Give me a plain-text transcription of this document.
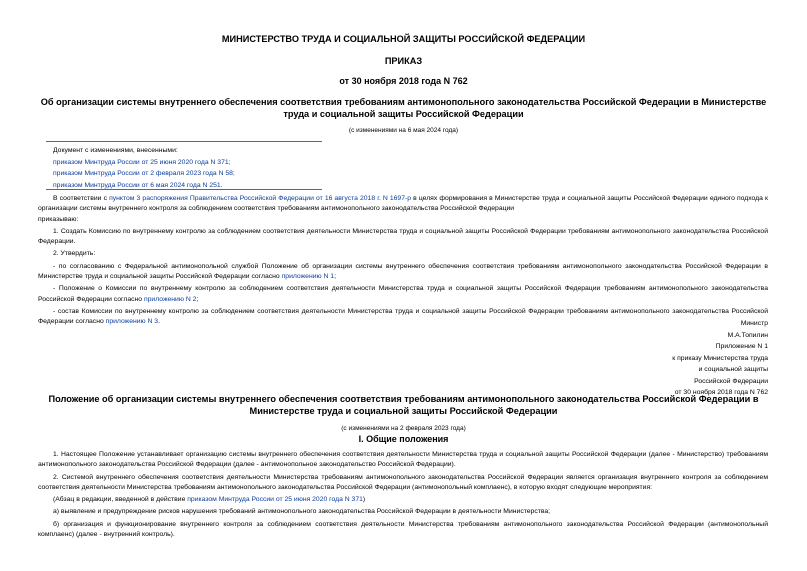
МИНИСТЕРСТВО ТРУДА И СОЦИАЛЬНОЙ ЗАЩИТЫ РОССИЙСКОЙ ФЕДЕРАЦИИ
ПРИКАЗ
от 30 ноября 2018 года N 762
Об организации системы внутреннего обеспечения соответствия требованиям антимонопольного законодательства Российской Федерации в Министерстве труда и социальной защиты Российской Федерации
(с изменениями на 6 мая 2024 года)
Документ с изменениями, внесенными:
приказом Минтруда России от 25 июня 2020 года N 371;
приказом Минтруда России от 2 февраля 2023 года N 58;
приказом Минтруда России от 6 мая 2024 года N 251.

В соответствии с пунктом 3 распоряжения Правительства Российской Федерации от 16 августа 2018 г. N 1697-р в целях формирования в Министерстве труда и социальной защиты Российской Федерации единого подхода к организации системы внутреннего контроля за соблюдением соответствия требованиям антимонопольного законодательства Российской Федерации

приказываю:

1. Создать Комиссию по внутреннему контролю за соблюдением соответствия деятельности Министерства труда и социальной защиты Российской Федерации требованиям антимонопольного законодательства Российской Федерации.

2. Утвердить:

- по согласованию с Федеральной антимонопольной службой Положение об организации системы внутреннего обеспечения соответствия требованиям антимонопольного законодательства Российской Федерации в Министерстве труда и социальной защиты Российской Федерации согласно приложению N 1;

- Положение о Комиссии по внутреннему контролю за соблюдением соответствия деятельности Министерства труда и социальной защиты Российской Федерации требованиям антимонопольного законодательства Российской Федерации согласно приложению N 2;

- состав Комиссии по внутреннему контролю за соблюдением соответствия деятельности Министерства труда и социальной защиты Российской Федерации требованиям антимонопольного законодательства Российской Федерации согласно приложению N 3.	Министр
М.А.Топилин
Приложение N 1
к приказу Министерства труда
и социальной защиты
Российской Федерации
от 30 ноября 2018 года N 762
Положение об организации системы внутреннего обеспечения соответствия требованиям антимонопольного законодательства Российской Федерации в Министерстве труда и социальной защиты Российской Федерации
(с изменениями на 2 февраля 2023 года)
I. Общие положения

1. Настоящее Положение устанавливает организацию системы внутреннего обеспечения соответствия деятельности Министерства труда и социальной защиты Российской Федерации (далее - Министерство) требованиям антимонопольного законодательства Российской Федерации (далее - антимонопольное законодательство Российской Федерации).

2. Системой внутреннего обеспечения соответствия деятельности Министерства требованиям антимонопольного законодательства Российской Федерации является организация внутреннего контроля за соблюдением соответствия деятельности Министерства требованиям антимонопольного законодательства Российской Федерации (антимонопольный комплаенс), в которую входят следующие мероприятия:

(Абзац в редакции, введенной в действие приказом Минтруда России от 25 июня 2020 года N 371)

а) выявление и предупреждение рисков нарушения требований антимонопольного законодательства Российской Федерации в деятельности Министерства;

б) организация и функционирование внутреннего контроля за соблюдением соответствия деятельности Министерства требованиям антимонопольного законодательства Российской Федерации (антимонопольный комплаенс) (далее - внутренний контроль).
